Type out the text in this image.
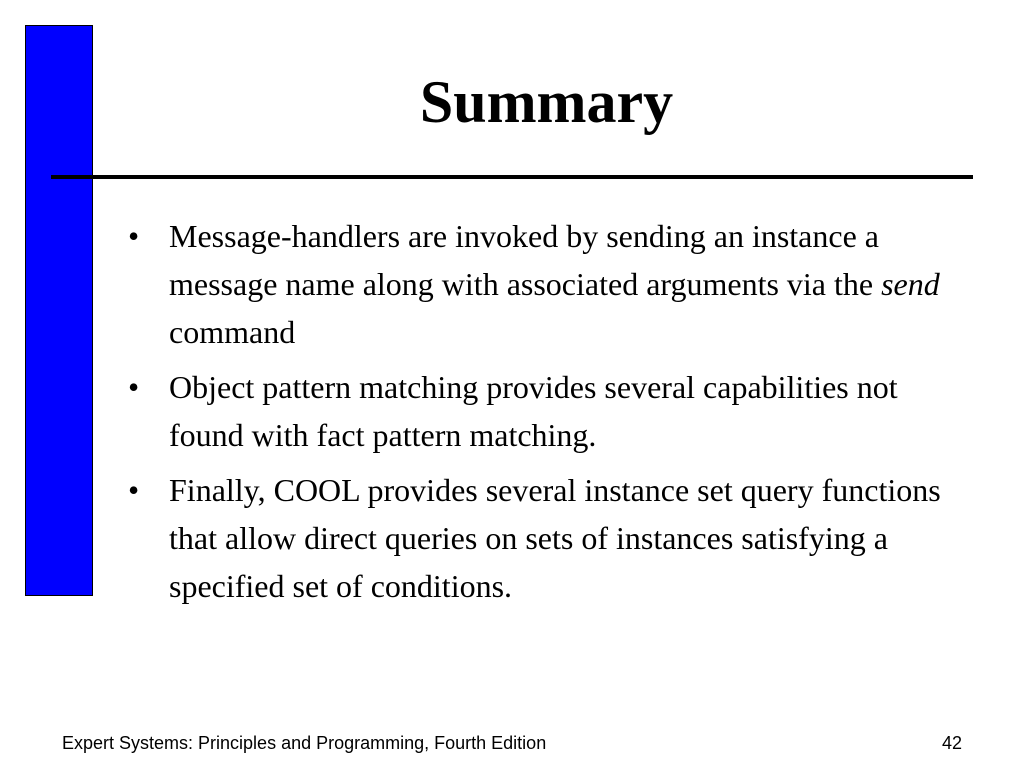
Summary
• Message-handlers are invoked by sending an instance a message name along with associated arguments via the send command
• Object pattern matching provides several capabilities not found with fact pattern matching.
• Finally, COOL provides several instance set query functions that allow direct queries on sets of instances satisfying a specified set of conditions.
Expert Systems: Principles and Programming, Fourth Edition	42
